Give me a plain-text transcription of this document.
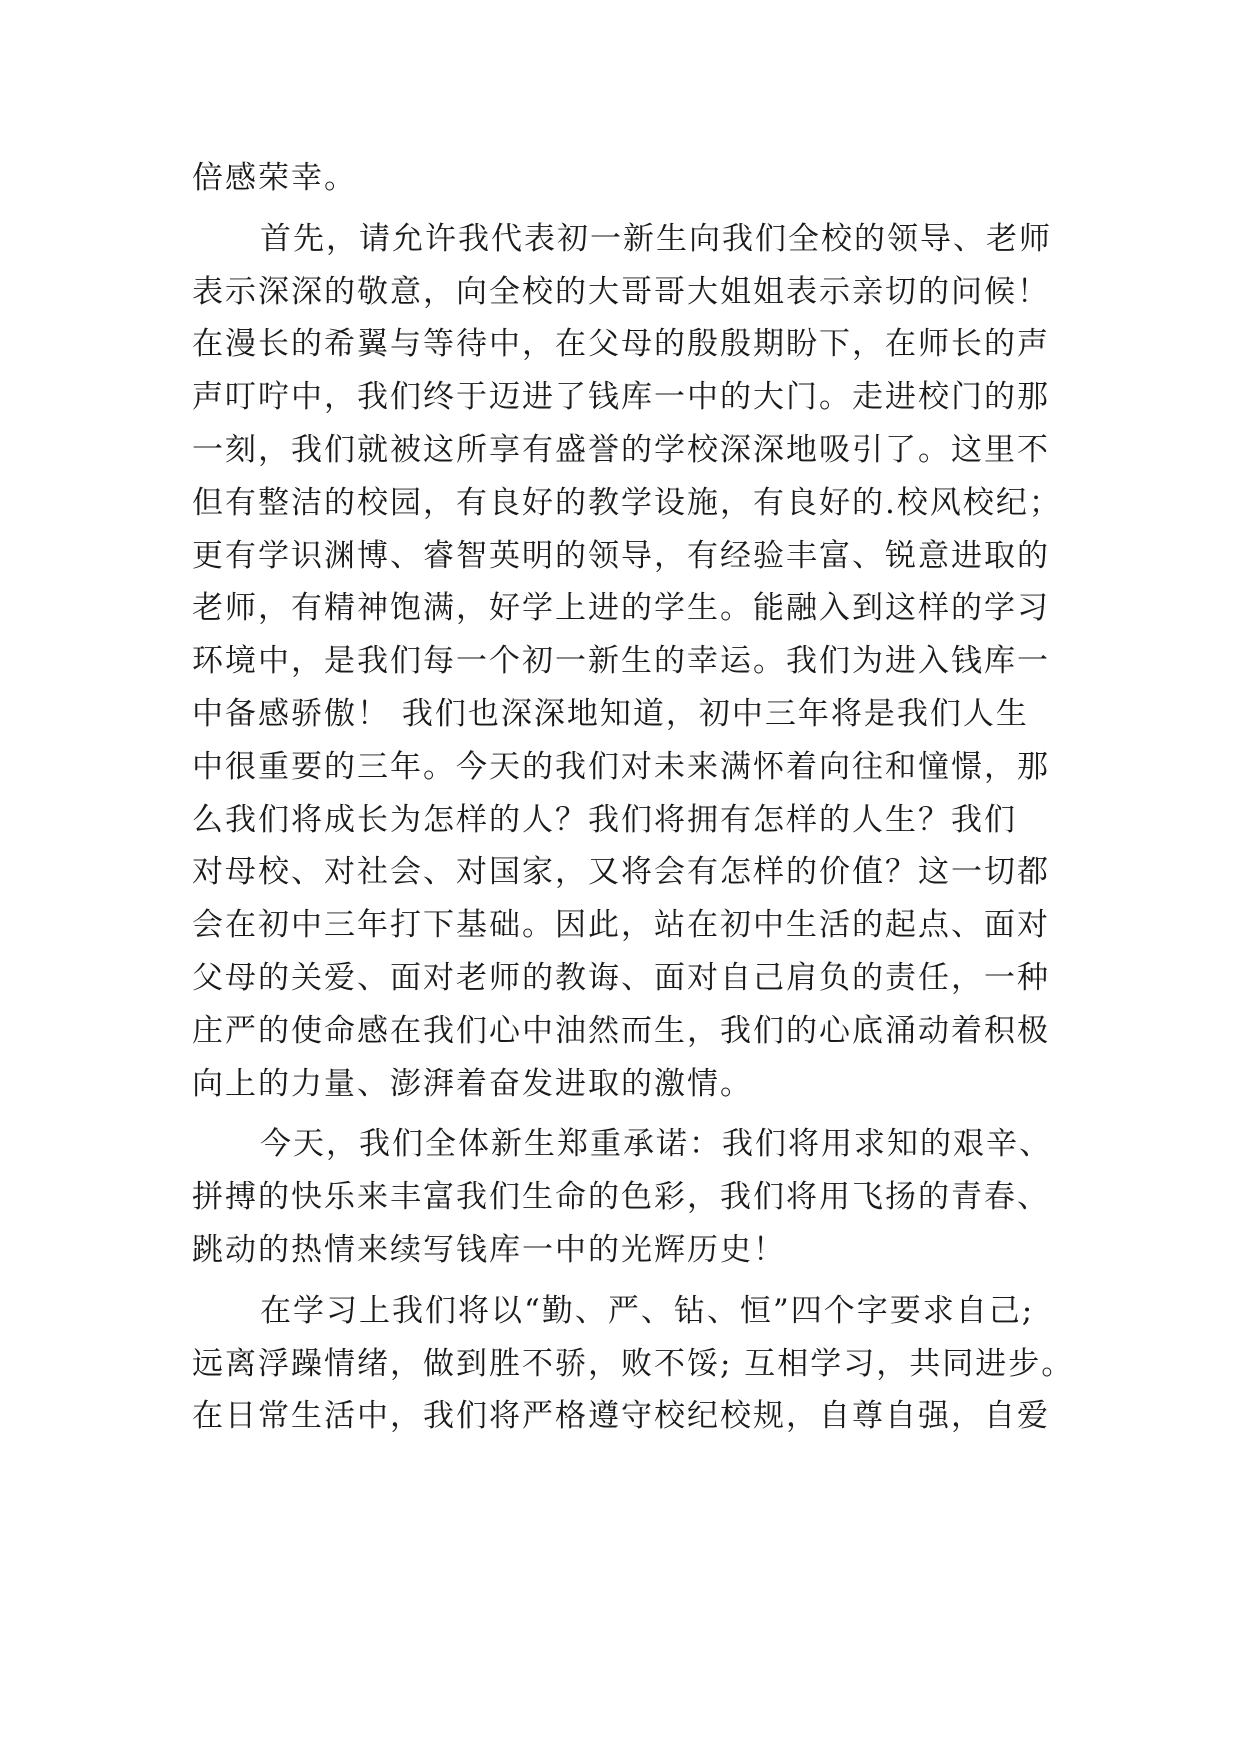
倍感荣幸。
首先，请允许我代表初一新生向我们全校的领导、老师
表示深深的敬意，向全校的大哥哥大姐姐表示亲切的问候！
在漫长的希翼与等待中，在父母的殷殷期盼下，在师长的声
声叮咛中，我们终于迈进了钱库一中的大门。走进校门的那
一刻，我们就被这所享有盛誉的学校深深地吸引了。这里不
但有整洁的校园，有良好的教学设施，有良好的.校风校纪；
更有学识渊博、睿智英明的领导，有经验丰富、锐意进取的
老师，有精神饱满，好学上进的学生。能融入到这样的学习
环境中，是我们每一个初一新生的幸运。我们为进入钱库一
中备感骄傲！ 我们也深深地知道，初中三年将是我们人生
中很重要的三年。今天的我们对未来满怀着向往和憧憬，那
么我们将成长为怎样的人？我们将拥有怎样的人生？我们
对母校、对社会、对国家，又将会有怎样的价值？这一切都
会在初中三年打下基础。因此，站在初中生活的起点、面对
父母的关爱、面对老师的教诲、面对自己肩负的责任，一种
庄严的使命感在我们心中油然而生，我们的心底涌动着积极
向上的力量、澎湃着奋发进取的激情。
今天，我们全体新生郑重承诺：我们将用求知的艰辛、
拼搏的快乐来丰富我们生命的色彩，我们将用飞扬的青春、
跳动的热情来续写钱库一中的光辉历史！
在学习上我们将以“勤、严、钻、恒”四个字要求自己;
远离浮躁情绪，做到胜不骄，败不馁; 互相学习，共同进步。
在日常生活中，我们将严格遵守校纪校规，自尊自强，自爱
